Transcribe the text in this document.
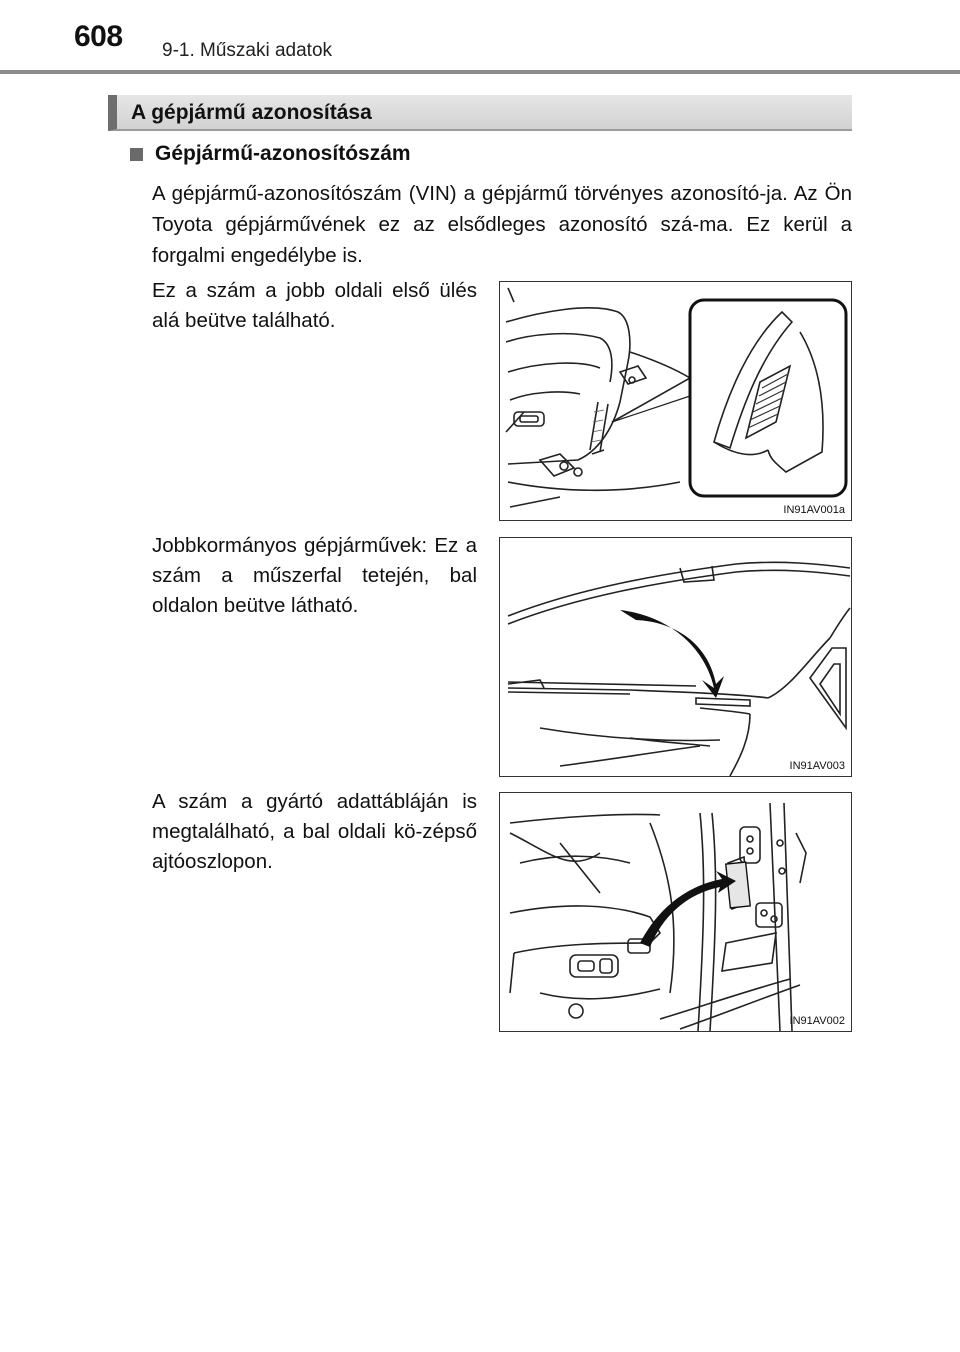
608 9-1. Műszaki adatok
A gépjármű azonosítása
Gépjármű-azonosítószám
A gépjármű-azonosítószám (VIN) a gépjármű törvényes azonosító-ja. Az Ön Toyota gépjárművének ez az elsődleges azonosító szá-ma. Ez kerül a forgalmi engedélybe is.
Ez a szám a jobb oldali első ülés alá beütve található.
IN91AV001a
Jobbkormányos gépjárművek: Ez a szám a műszerfal tetején, bal oldalon beütve látható.
IN91AV003
A szám a gyártó adattábláján is megtalálható, a bal oldali kö-zépső ajtóoszlopon.
IN91AV002
